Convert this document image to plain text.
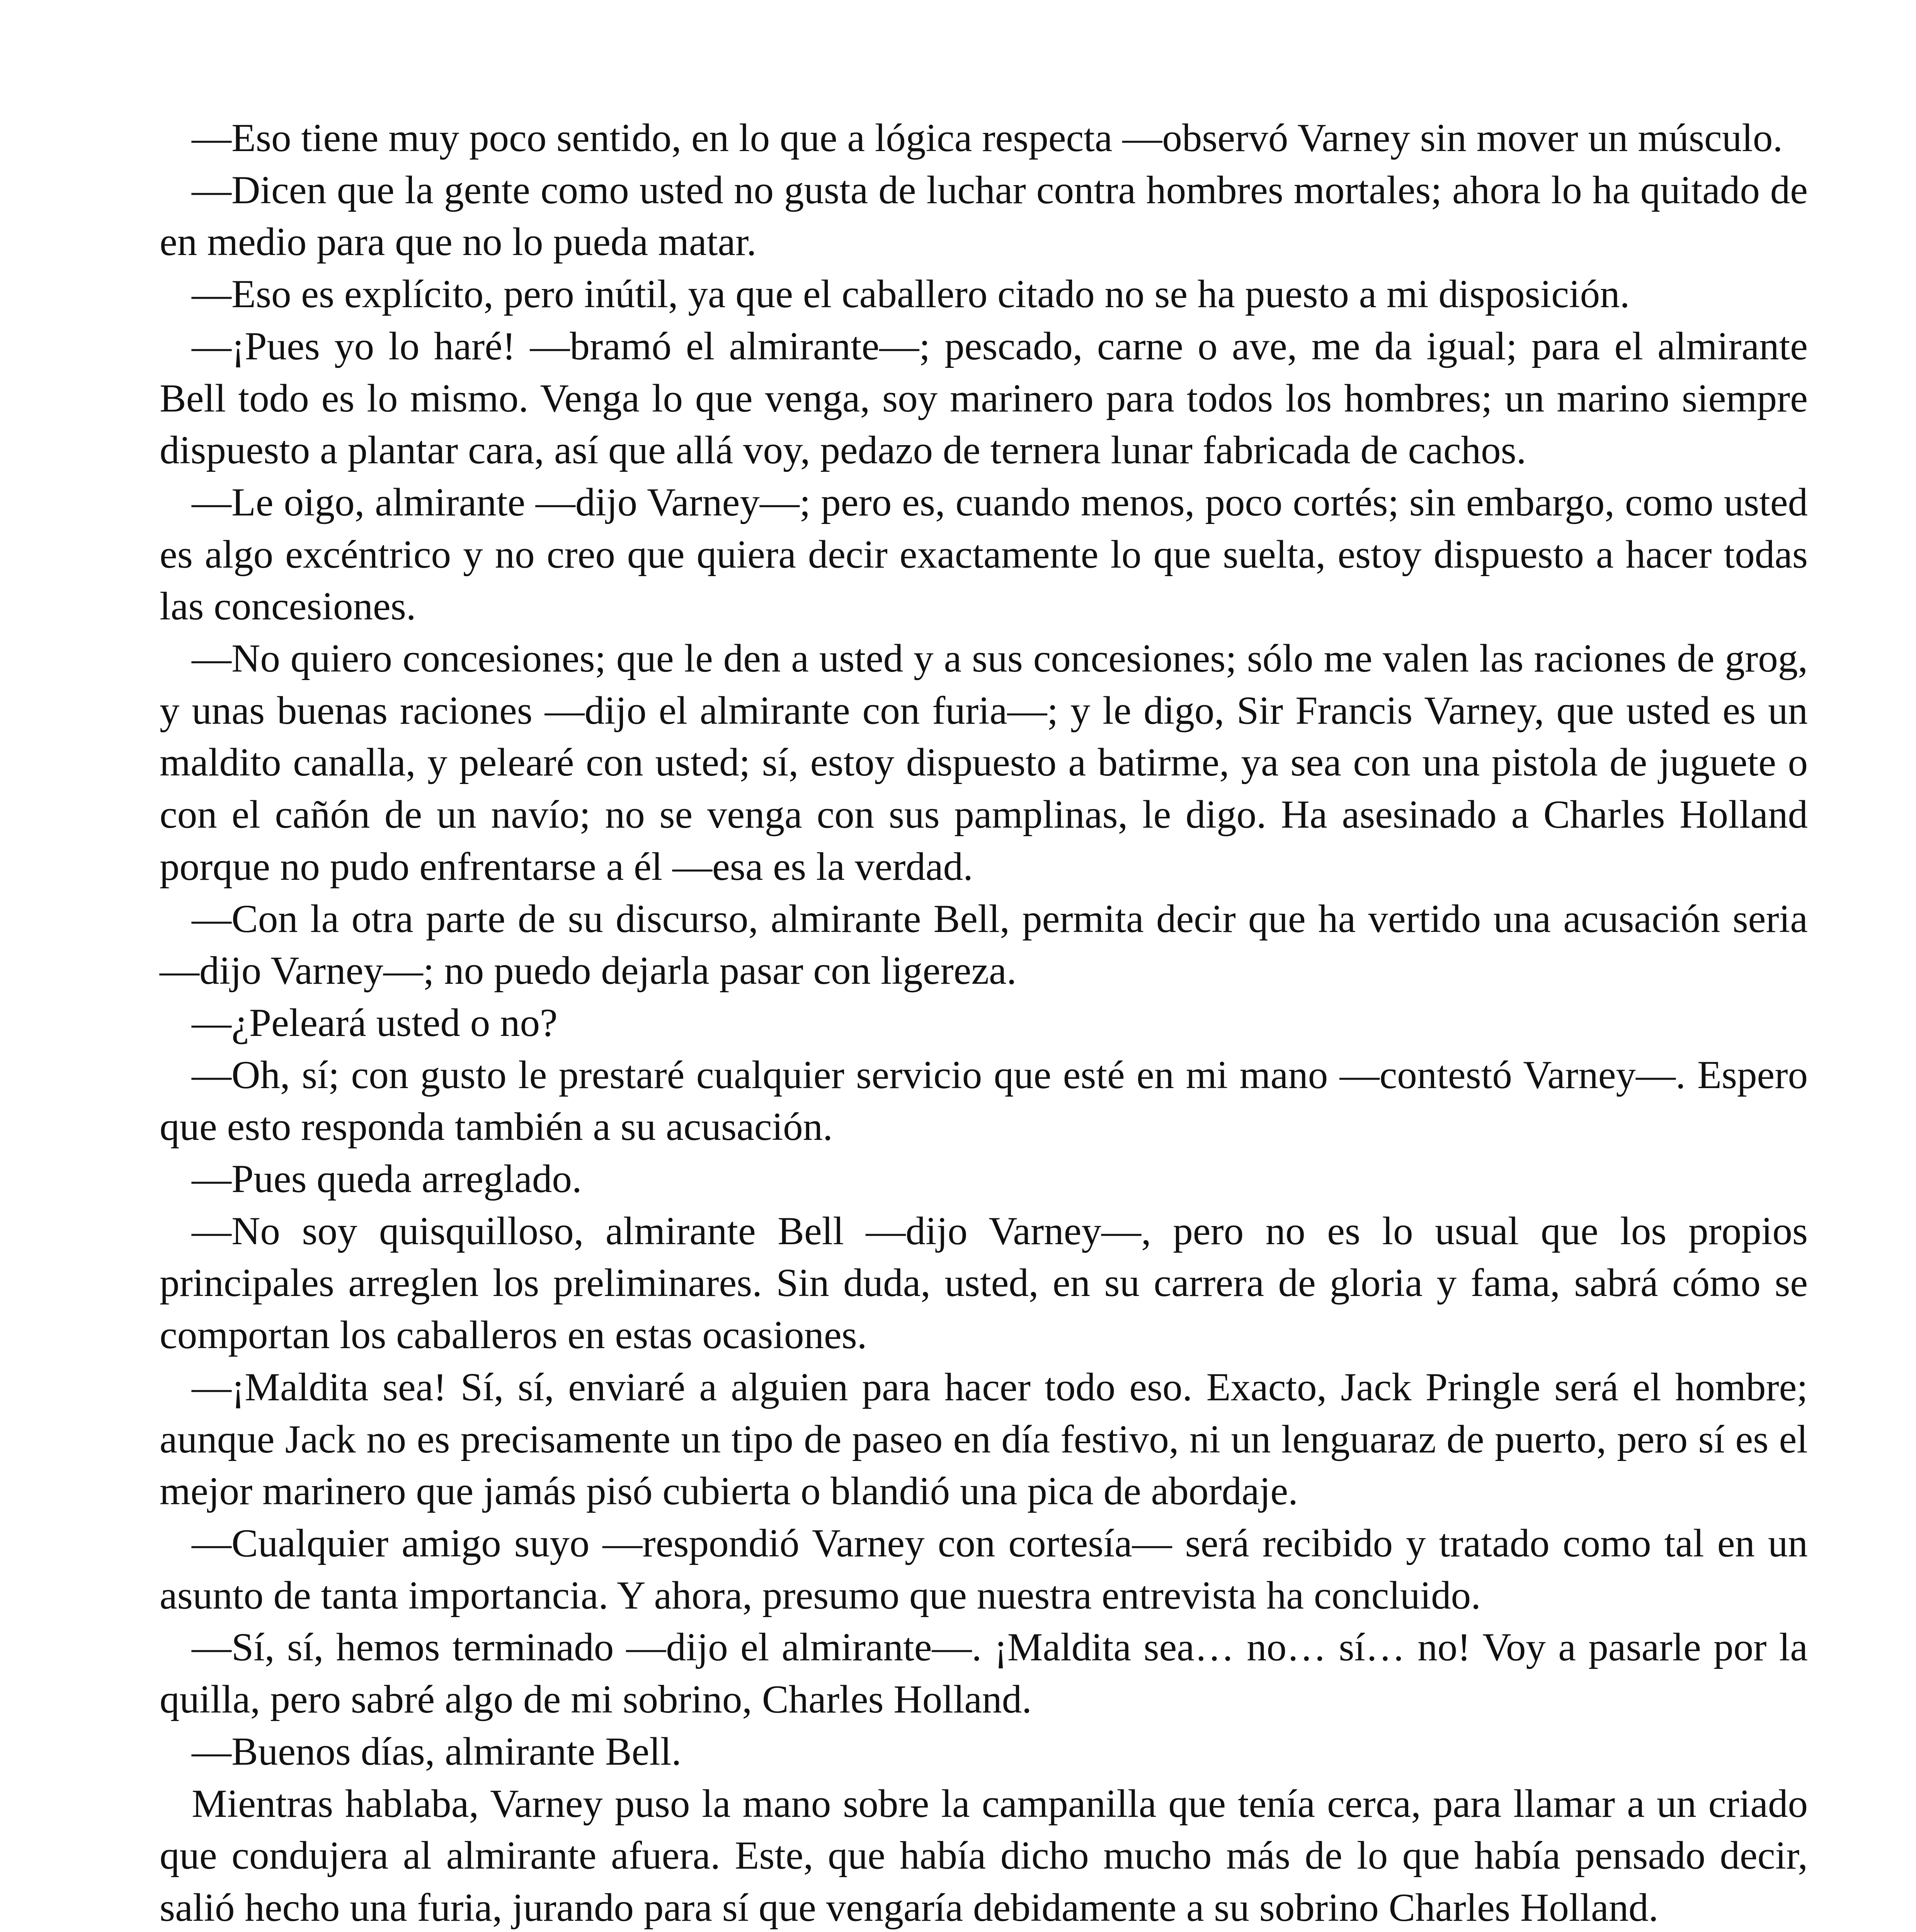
—Eso tiene muy poco sentido, en lo que a lógica respecta —observó Varney sin mover un músculo.

—Dicen que la gente como usted no gusta de luchar contra hombres mortales; ahora lo ha quitado de en medio para que no lo pueda matar.

—Eso es explícito, pero inútil, ya que el caballero citado no se ha puesto a mi disposición.

—¡Pues yo lo haré! —bramó el almirante—; pescado, carne o ave, me da igual; para el almirante Bell todo es lo mismo. Venga lo que venga, soy marinero para todos los hombres; un marino siempre dispuesto a plantar cara, así que allá voy, pedazo de ternera lunar fabricada de cachos.

—Le oigo, almirante —dijo Varney—; pero es, cuando menos, poco cortés; sin embargo, como usted es algo excéntrico y no creo que quiera decir exactamente lo que suelta, estoy dispuesto a hacer todas las concesiones.

—No quiero concesiones; que le den a usted y a sus concesiones; sólo me valen las raciones de grog, y unas buenas raciones —dijo el almirante con furia—; y le digo, Sir Francis Varney, que usted es un maldito canalla, y pelearé con usted; sí, estoy dispuesto a batirme, ya sea con una pistola de juguete o con el cañón de un navío; no se venga con sus pamplinas, le digo. Ha asesinado a Charles Holland porque no pudo enfrentarse a él —esa es la verdad.

—Con la otra parte de su discurso, almirante Bell, permita decir que ha vertido una acusación seria —dijo Varney—; no puedo dejarla pasar con ligereza.

—¿Peleará usted o no?

—Oh, sí; con gusto le prestaré cualquier servicio que esté en mi mano —contestó Varney—. Espero que esto responda también a su acusación.

—Pues queda arreglado.

—No soy quisquilloso, almirante Bell —dijo Varney—, pero no es lo usual que los propios principales arreglen los preliminares. Sin duda, usted, en su carrera de gloria y fama, sabrá cómo se comportan los caballeros en estas ocasiones.

—¡Maldita sea! Sí, sí, enviaré a alguien para hacer todo eso. Exacto, Jack Pringle será el hombre; aunque Jack no es precisamente un tipo de paseo en día festivo, ni un lenguaraz de puerto, pero sí es el mejor marinero que jamás pisó cubierta o blandió una pica de abordaje.

—Cualquier amigo suyo —respondió Varney con cortesía— será recibido y tratado como tal en un asunto de tanta importancia. Y ahora, presumo que nuestra entrevista ha concluido.

—Sí, sí, hemos terminado —dijo el almirante—. ¡Maldita sea… no… sí… no! Voy a pasarle por la quilla, pero sabré algo de mi sobrino, Charles Holland.

—Buenos días, almirante Bell.

Mientras hablaba, Varney puso la mano sobre la campanilla que tenía cerca, para llamar a un criado que condujera al almirante afuera. Este, que había dicho mucho más de lo que había pensado decir, salió hecho una furia, jurando para sí que vengaría debidamente a su sobrino Charles Holland.
